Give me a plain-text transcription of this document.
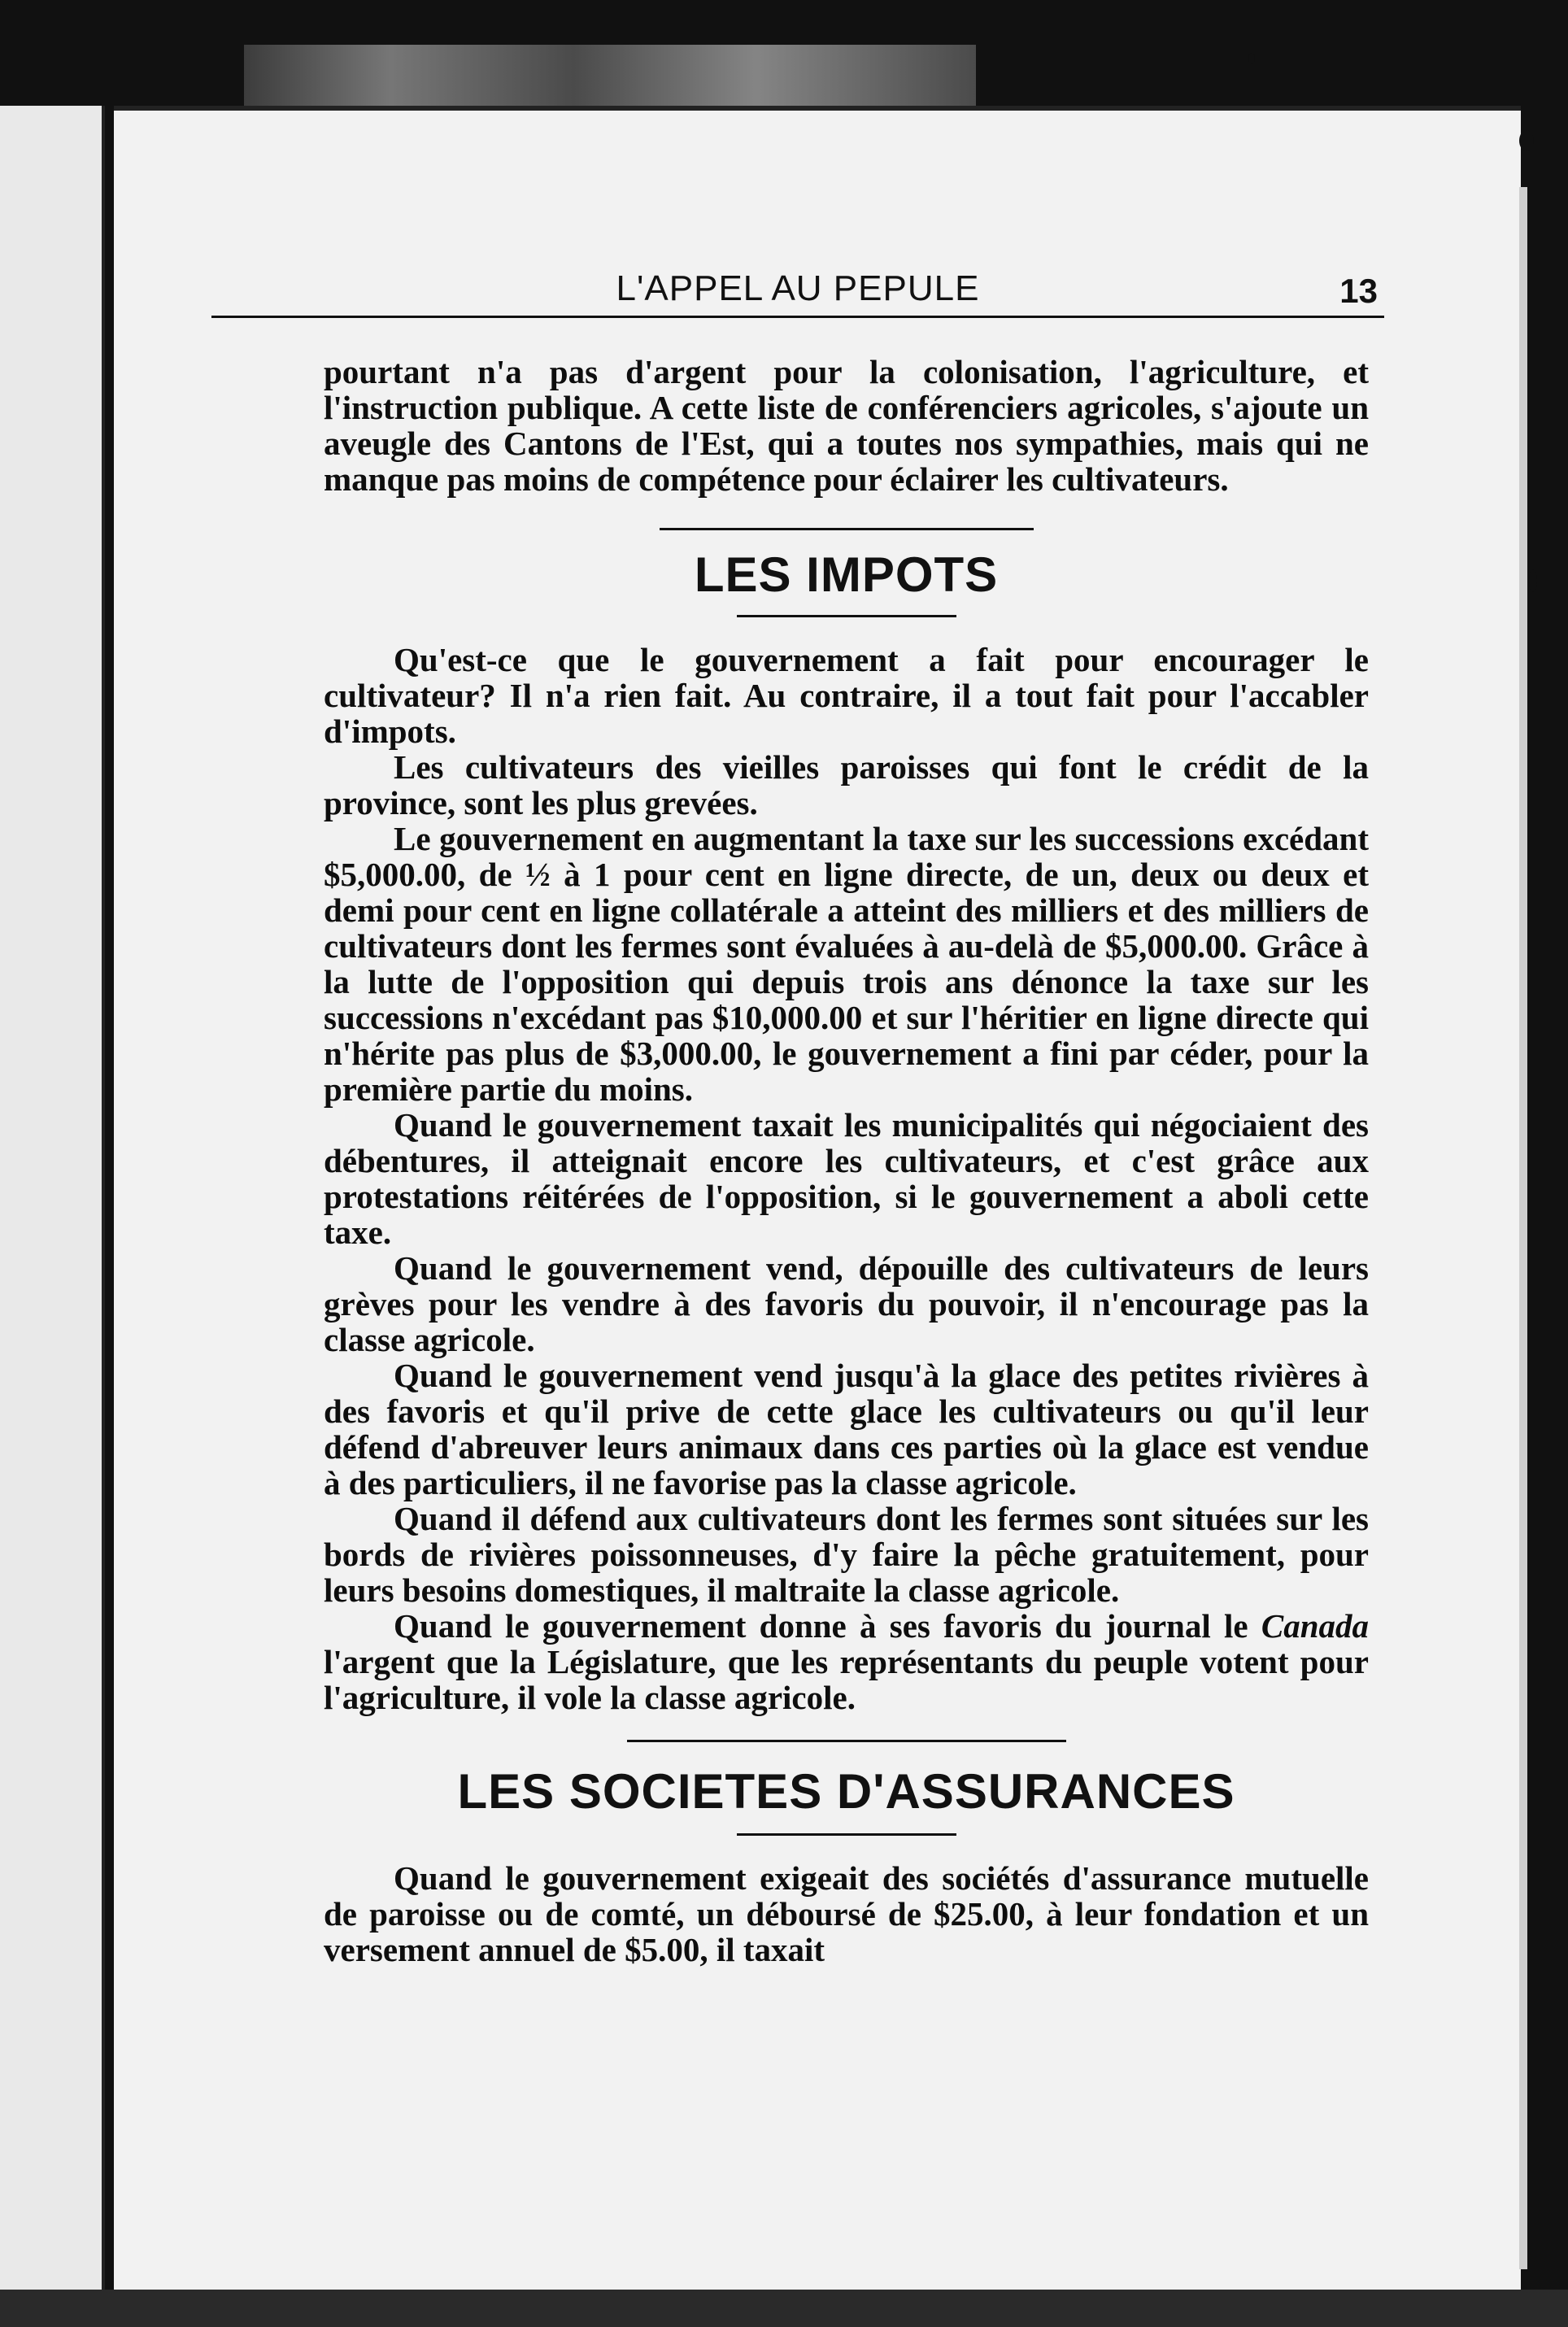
L'APPEL AU PEPULE	13

pourtant n'a pas d'argent pour la colonisation, l'agriculture, et l'instruction publique. A cette liste de conférenciers agricoles, s'ajoute un aveugle des Cantons de l'Est, qui a toutes nos sympathies, mais qui ne manque pas moins de compétence pour éclairer les cultivateurs.

LES IMPOTS

Qu'est-ce que le gouvernement a fait pour encourager le cultivateur? Il n'a rien fait. Au contraire, il a tout fait pour l'accabler d'impots.

Les cultivateurs des vieilles paroisses qui font le crédit de la province, sont les plus grevées.

Le gouvernement en augmentant la taxe sur les successions excédant $5,000.00, de ½ à 1 pour cent en ligne directe, de un, deux ou deux et demi pour cent en ligne collatérale a atteint des milliers et des milliers de cultivateurs dont les fermes sont évaluées à au-delà de $5,000.00. Grâce à la lutte de l'opposition qui depuis trois ans dénonce la taxe sur les successions n'excédant pas $10,000.00 et sur l'héritier en ligne directe qui n'hérite pas plus de $3,000.00, le gouvernement a fini par céder, pour la première partie du moins.

Quand le gouvernement taxait les municipalités qui négociaient des débentures, il atteignait encore les cultivateurs, et c'est grâce aux protestations réitérées de l'opposition, si le gouvernement a aboli cette taxe.

Quand le gouvernement vend, dépouille des cultivateurs de leurs grèves pour les vendre à des favoris du pouvoir, il n'encourage pas la classe agricole.

Quand le gouvernement vend jusqu'à la glace des petites rivières à des favoris et qu'il prive de cette glace les cultivateurs ou qu'il leur défend d'abreuver leurs animaux dans ces parties où la glace est vendue à des particuliers, il ne favorise pas la classe agricole.

Quand il défend aux cultivateurs dont les fermes sont situées sur les bords de rivières poissonneuses, d'y faire la pêche gratuitement, pour leurs besoins domestiques, il maltraite la classe agricole.

Quand le gouvernement donne à ses favoris du journal le Canada l'argent que la Législature, que les représentants du peuple votent pour l'agriculture, il vole la classe agricole.

LES SOCIETES D'ASSURANCES

Quand le gouvernement exigeait des sociétés d'assurance mutuelle de paroisse ou de comté, un déboursé de $25.00, à leur fondation et un versement annuel de $5.00, il taxait
